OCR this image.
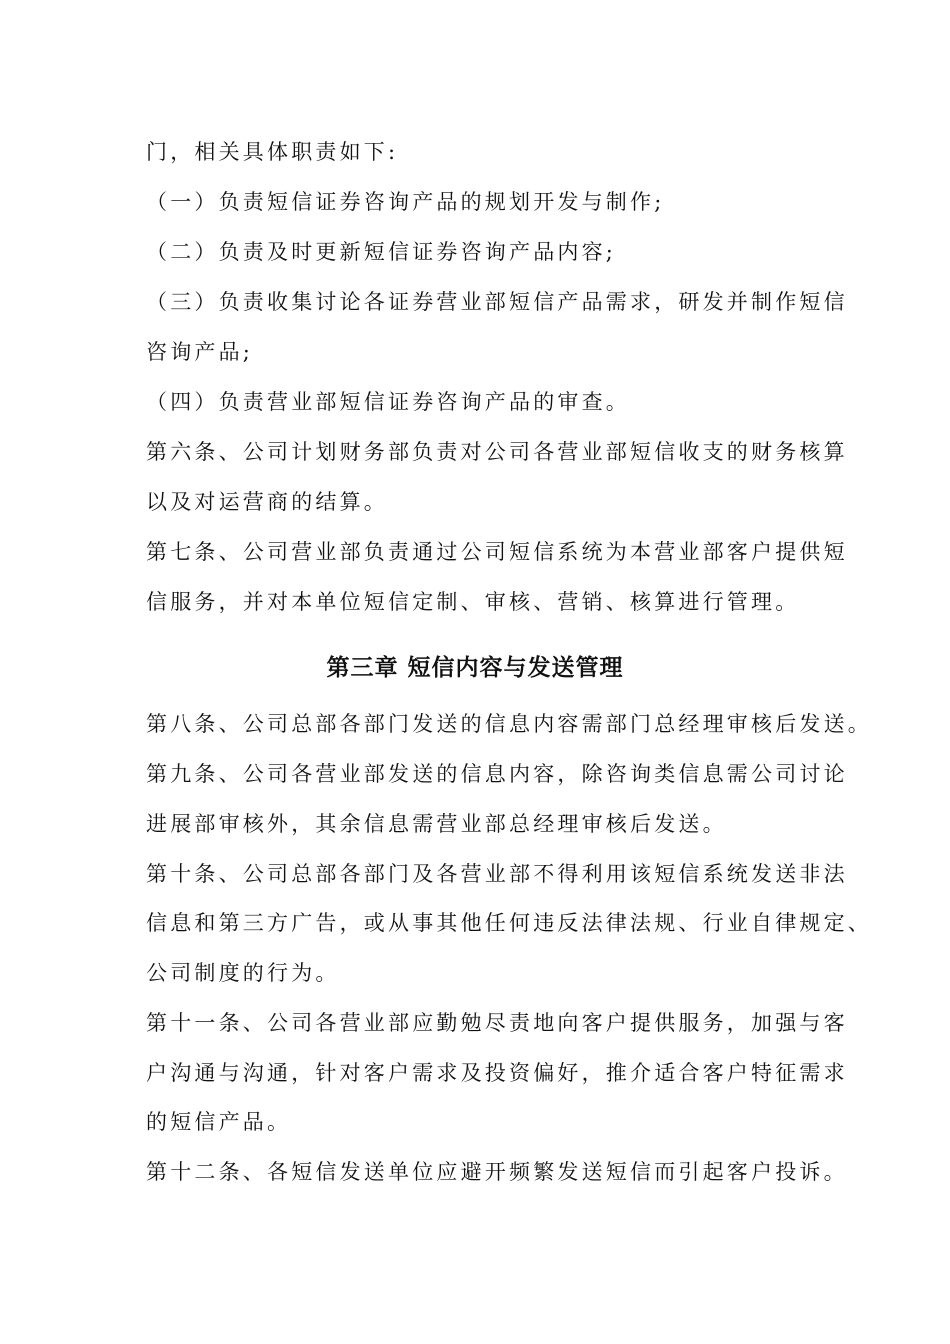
门，相关具体职责如下:
（一）负责短信证券咨询产品的规划开发与制作;
（二）负责及时更新短信证券咨询产品内容;
（三）负责收集讨论各证券营业部短信产品需求，研发并制作短信
咨询产品;
（四）负责营业部短信证券咨询产品的审查。
第六条、公司计划财务部负责对公司各营业部短信收支的财务核算
以及对运营商的结算。
第七条、公司营业部负责通过公司短信系统为本营业部客户提供短
信服务，并对本单位短信定制、审核、营销、核算进行管理。
第三章 短信内容与发送管理
第八条、公司总部各部门发送的信息内容需部门总经理审核后发送。
第九条、公司各营业部发送的信息内容，除咨询类信息需公司讨论
进展部审核外，其余信息需营业部总经理审核后发送。
第十条、公司总部各部门及各营业部不得利用该短信系统发送非法
信息和第三方广告，或从事其他任何违反法律法规、行业自律规定、
公司制度的行为。
第十一条、公司各营业部应勤勉尽责地向客户提供服务，加强与客
户沟通与沟通，针对客户需求及投资偏好，推介适合客户特征需求
的短信产品。
第十二条、各短信发送单位应避开频繁发送短信而引起客户投诉。
